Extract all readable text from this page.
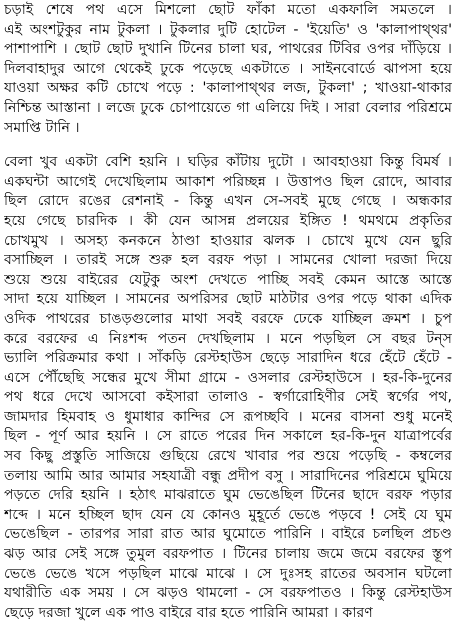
চড়াই শেষে পথ এসে মিশলো ছোট ফাঁকা মতো একফালি সমতলে ।
এই অংশটুকুর নাম টুকলা । টুকলার দুটি হোটেল - 'ইয়েতি' ও 'কালাপাথ্থর'
পাশাপাশি । ছোট ছোট দুখানি টিনের চালা ঘর, পাথরের টিবির ওপর দাঁড়িয়ে ।
দিলবাহাদুর আগে থেকেই ঢুকে পড়েছে একটাতে । সাইনবোর্ডে ঝাপসা হয়ে
যাওয়া অক্ষর কটি চোখে পড়ে : 'কালাপাথ্থর লজ, টুকলা' ; খাওয়া-থাকার
নিশ্চিন্ত আস্তানা । লজে ঢুকে চোপায়েতে গা এলিয়ে দিই । সারা বেলার পরিশ্রমে
সমাপ্তি টানি ।

বেলা খুব একটা বেশি হয়নি । ঘড়ির কাঁটায় দুটো । আবহাওয়া কিন্তু বিমর্ষ ।
একঘন্টা আগেই দেখেছিলাম আকাশ পরিচ্ছন্ন । উত্তাপও ছিল রোদে, আবার
ছিল রোদে রঙের রেশনাই - কিন্তু এখন সে-সবই মুছে গেছে । অন্ধকার
হয়ে গেছে চারদিক । কী যেন আসন্ন প্রলয়ের ইঙ্গিত ! থমথমে প্রকৃতির
চোখমুখ । অসহ্য কনকনে ঠাণ্ডা হাওয়ার ঝলক । চোখে মুখে যেন ছুরি
বসাচ্ছিল । তারই সঙ্গে শুরু হল বরফ পড়া । সামনের খোলা দরজা দিয়ে
শুয়ে শুয়ে বাইরের যেটুকু অংশ দেখতে পাচ্ছি সবই কেমন আস্তে আস্তে
সাদা হয়ে যাচ্ছিল । সামনের অপরিসর ছোট মাঠটার ওপর পড়ে থাকা এদিক
ওদিক পাথরের চাঙড়গুলোর মাথা সবই বরফে ঢেকে যাচ্ছিল ক্রমশ । চুপ
করে বরফের এ নিঃশব্দ পতন দেখছিলাম । মনে পড়ছিল সে বছর টন্‌স
ভ্যালি পরিক্রমার কথা । সাঁকড়ি রেস্টহাউস ছেড়ে সারাদিন ধরে হেঁটে হেঁটে -
এসে পৌঁছেছি সন্ধের মুখে সীমা গ্রামে - ওসলার রেস্টহাউসে । হর-কি-দুনের
পথ ধরে দেখে আসবো কইসারা তালাও - স্বর্গারোহিণীর সেই স্বর্গের পথ,
জামদার হিমবাহ ও ধুমাধার কান্দির সে রূপচ্ছবি । মনের বাসনা শুধু মনেই
ছিল - পূর্ণ আর হয়নি । সে রাতে পরের দিন সকালে হর-কি-দুন যাত্রাপর্বের
সব কিছু প্রস্তুতি সাজিয়ে গুছিয়ে রেখে খাবার পর শুয়ে পড়েছি - কম্বলের
তলায় আমি আর আমার সহযাত্রী বন্ধু প্রদীপ বসু । সারাদিনের পরিশ্রমে ঘুমিয়ে
পড়তে দেরি হয়নি । হঠাৎ মাঝরাতে ঘুম ভেঙেছিল টিনের ছাদে বরফ পড়ার
শব্দে । মনে হচ্ছিল ছাদ যেন যে কোনও মুহূর্তে ভেঙে পড়বে ! সেই যে ঘুম
ভেঙেছিল - তারপর সারা রাত আর ঘুমোতে পারিনি । বাইরে চলছিল প্রচণ্ড
ঝড় আর সেই সঙ্গে তুমুল বরফপাত । টিনের চালায় জমে জমে বরফের স্তূপ
ভেঙে ভেঙে খসে পড়ছিল মাঝে মাঝে । সে দুঃসহ রাতের অবসান ঘটলো
যথারীতি এক সময় । সে ঝড়ও থামলো - সে বরফপাতও । কিন্তু রেস্টহাউস
ছেড়ে দরজা খুলে এক পাও বাইরে বার হতে পারিনি আমরা । কারণ
